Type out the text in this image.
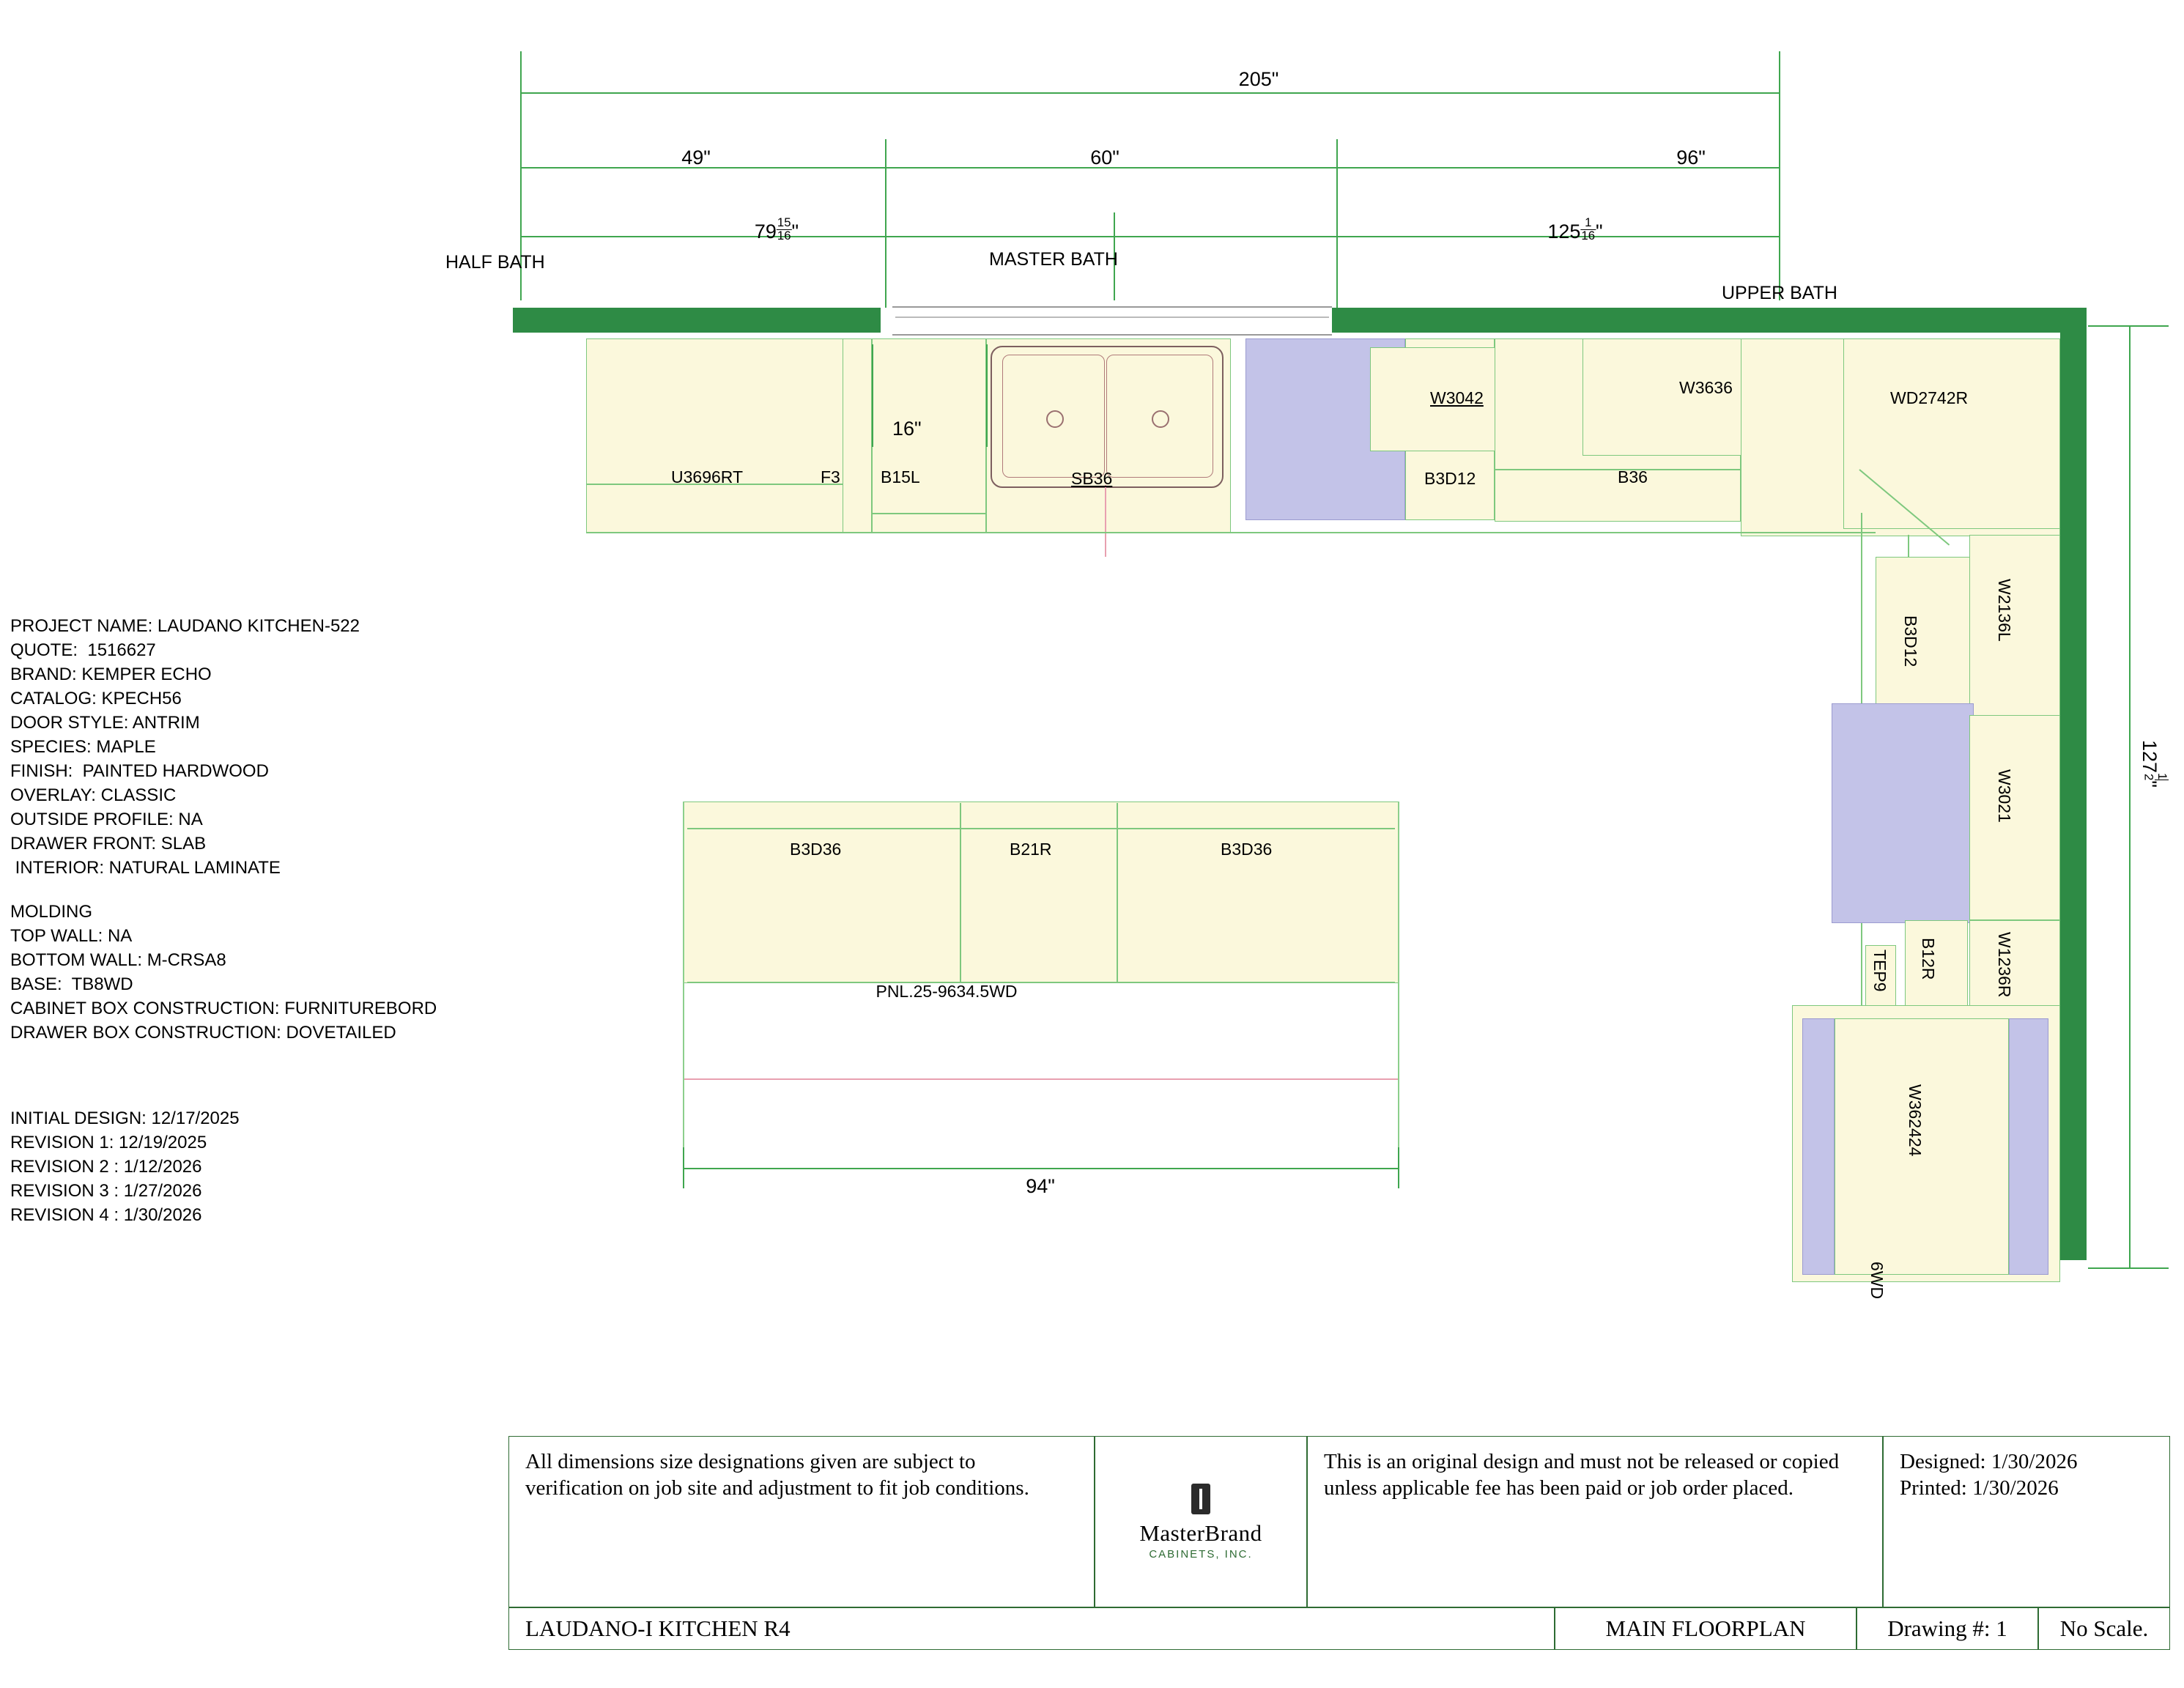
205"
49"	60"	96"
$79 \frac{15}{16}$ "	$125 \frac{1}{16}$ "
HALF BATH	MASTER BATH
UPPER BATH
127
1
2
"
U3696RT	F3 B15L	SB36
16"
B3D12
W3042
B36
W3636
WD2742R
B3D12	W2136L
W3021
B12R	W1236R
TEP9
W362424
6WD
PROJECT NAME: LAUDANO KITCHEN-522
QUOTE:  1516627
BRAND: KEMPER ECHO
CATALOG: KPECH56
DOOR STYLE: ANTRIM
SPECIES: MAPLE
FINISH:  PAINTED HARDWOOD
OVERLAY: CLASSIC
OUTSIDE PROFILE: NA
DRAWER FRONT: SLAB
INTERIOR: NATURAL LAMINATE
MOLDING
TOP WALL: NA
BOTTOM WALL: M-CRSA8
BASE:  TB8WD
CABINET BOX CONSTRUCTION: FURNITUREBORD
DRAWER BOX CONSTRUCTION: DOVETAILED
INITIAL DESIGN: 12/17/2025
REVISION 1: 12/19/2025
REVISION 2 : 1/12/2026
REVISION 3 : 1/27/2026
REVISION 4 : 1/30/2026
B3D36	B21R	B3D36
PNL.25-9634.5WD
94"
All dimensions size designations given are subject to verification on job site and adjustment to fit job conditions.
MasterBrand
CABINETS, INC.
This is an original design and must not be released or copied unless applicable fee has been paid or job order placed.
Designed: 1/30/2026
Printed: 1/30/2026
LAUDANO-I KITCHEN R4	MAIN FLOORPLAN	Drawing #: 1 No Scale.
